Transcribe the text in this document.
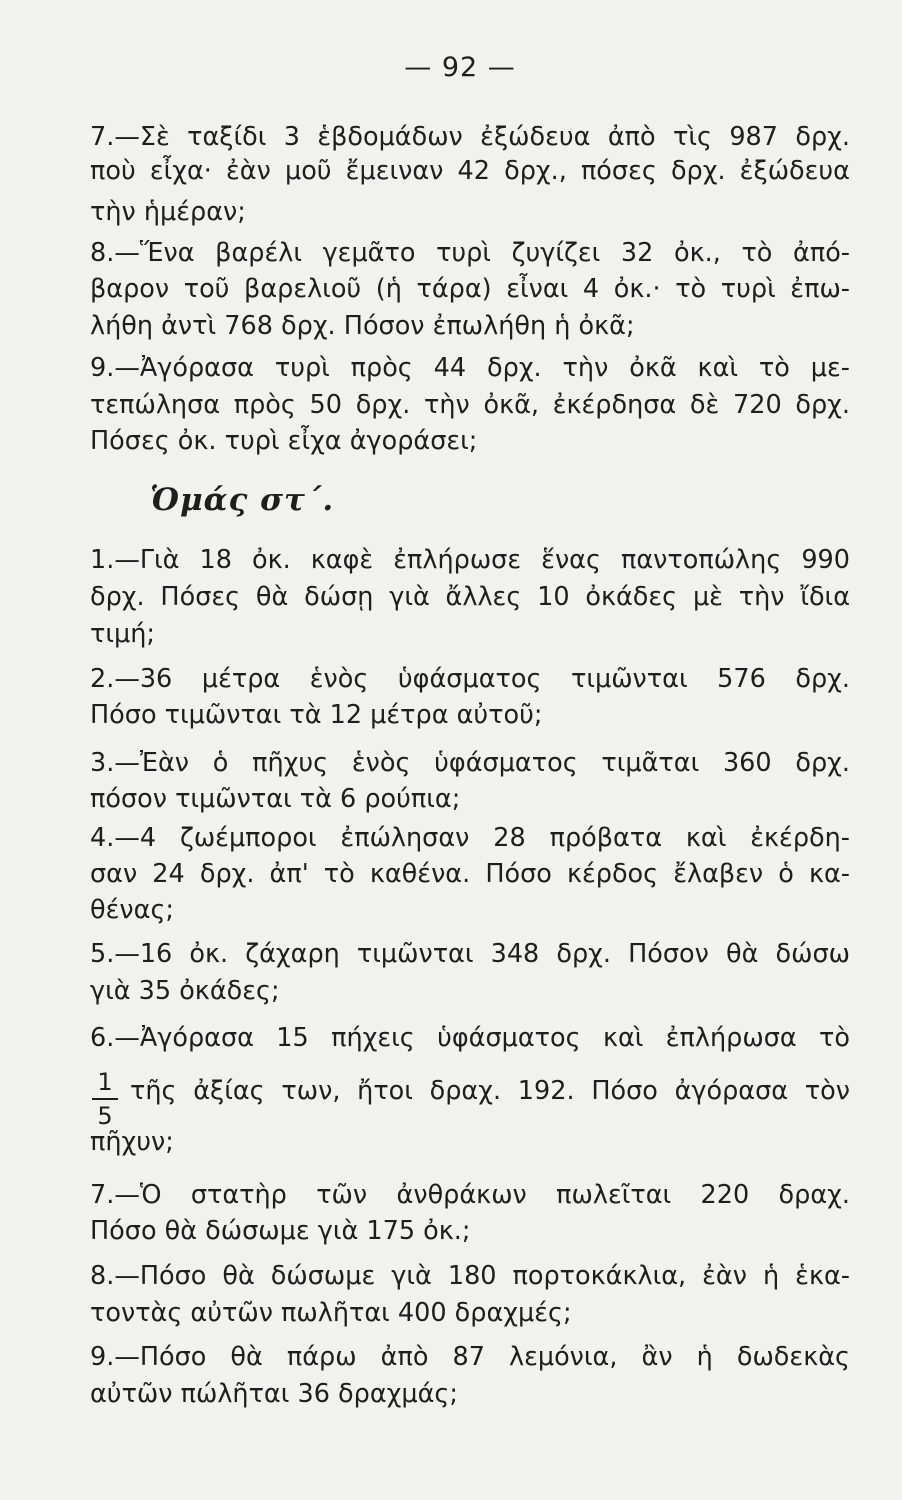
— 92 —
7.—Σὲ ταξίδι 3 ἑβδομάδων ἐξώδευα ἀπὸ τὶς 987 δρχ.
ποὺ εἶχα· ἐὰν μοῦ ἔμειναν 42 δρχ., πόσες δρχ. ἐξώδευα
τὴν ἡμέραν;
8.—Ἕνα βαρέλι γεμᾶτο τυρὶ ζυγίζει 32 ὀκ., τὸ ἀπό-
βαρον τοῦ βαρελιοῦ (ἡ τάρα) εἶναι 4 ὀκ.· τὸ τυρὶ ἐπω-
λήθη ἀντὶ 768 δρχ. Πόσον ἐπωλήθη ἡ ὀκᾶ;
9.—Ἀγόρασα τυρὶ πρὸς 44 δρχ. τὴν ὀκᾶ καὶ τὸ με-
τεπώλησα πρὸς 50 δρχ. τὴν ὀκᾶ, ἐκέρδησα δὲ 720 δρχ.
Πόσες ὀκ. τυρὶ εἶχα ἀγοράσει;
Ὁμάς στ΄.
1.—Γιὰ 18 ὀκ. καφὲ ἐπλήρωσε ἕνας παντοπώλης 990
δρχ. Πόσες θὰ δώσῃ γιὰ ἄλλες 10 ὀκάδες μὲ τὴν ἴδια
τιμή;
2.—36 μέτρα ἑνὸς ὑφάσματος τιμῶνται 576 δρχ.
Πόσο τιμῶνται τὰ 12 μέτρα αὐτοῦ;
3.—Ἐὰν ὁ πῆχυς ἑνὸς ὑφάσματος τιμᾶται 360 δρχ.
πόσον τιμῶνται τὰ 6 ρούπια;
4.—4 ζωέμποροι ἐπώλησαν 28 πρόβατα καὶ ἐκέρδη-
σαν 24 δρχ. ἀπ' τὸ καθένα. Πόσο κέρδος ἔλαβεν ὁ κα-
θένας;
5.—16 ὀκ. ζάχαρη τιμῶνται 348 δρχ. Πόσον θὰ δώσω
γιὰ 35 ὀκάδες;
6.—Ἀγόρασα 15 πήχεις ὑφάσματος καὶ ἐπλήρωσα τὸ
1
5
τῆς ἀξίας των, ἤτοι δραχ. 192. Πόσο ἀγόρασα τὸν
πῆχυν;
7.—Ὁ στατὴρ τῶν ἀνθράκων πωλεῖται 220 δραχ.
Πόσο θὰ δώσωμε γιὰ 175 ὀκ.;
8.—Πόσο θὰ δώσωμε γιὰ 180 πορτοκάκλια, ἐὰν ἡ ἑκα-
τοντὰς αὐτῶν πωλῆται 400 δραχμές;
9.—Πόσο θὰ πάρω ἀπὸ 87 λεμόνια, ἂν ἡ δωδεκὰς
αὐτῶν πώλῆται 36 δραχμάς;
